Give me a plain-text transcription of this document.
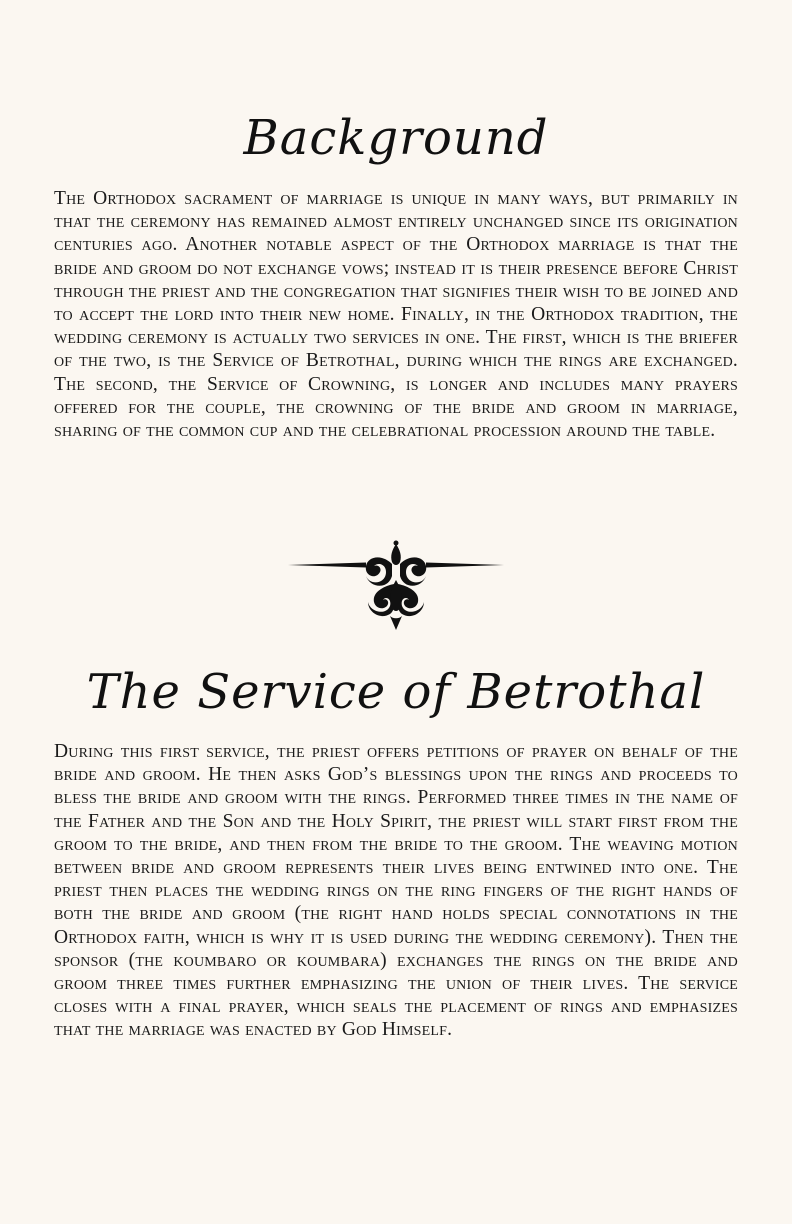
Background

The Orthodox sacrament of marriage is unique in many ways, but primarily in that the ceremony has remained almost entirely unchanged since its origination centuries ago. Another notable aspect of the Orthodox marriage is that the bride and groom do not exchange vows; instead it is their presence before Christ through the priest and the congregation that signifies their wish to be joined and to accept the lord into their new home. Finally, in the Orthodox tradition, the wedding ceremony is actually two services in one. The first, which is the briefer of the two, is the Service of Betrothal, during which the rings are exchanged. The second, the Service of Crowning, is longer and includes many prayers offered for the couple, the crowning of the bride and groom in marriage, sharing of the common cup and the celebrational procession around the table.

The Service of Betrothal

During this first service, the priest offers petitions of prayer on behalf of the bride and groom. He then asks God’s blessings upon the rings and proceeds to bless the bride and groom with the rings. Performed three times in the name of the Father and the Son and the Holy Spirit, the priest will start first from the groom to the bride, and then from the bride to the groom. The weaving motion between bride and groom represents their lives being entwined into one. The priest then places the wedding rings on the ring fingers of the right hands of both the bride and groom (the right hand holds special connotations in the Orthodox faith, which is why it is used during the wedding ceremony). Then the sponsor (the koumbaro or koumbara) exchanges the rings on the bride and groom three times further emphasizing the union of their lives. The service closes with a final prayer, which seals the placement of rings and emphasizes that the marriage was enacted by God Himself.
